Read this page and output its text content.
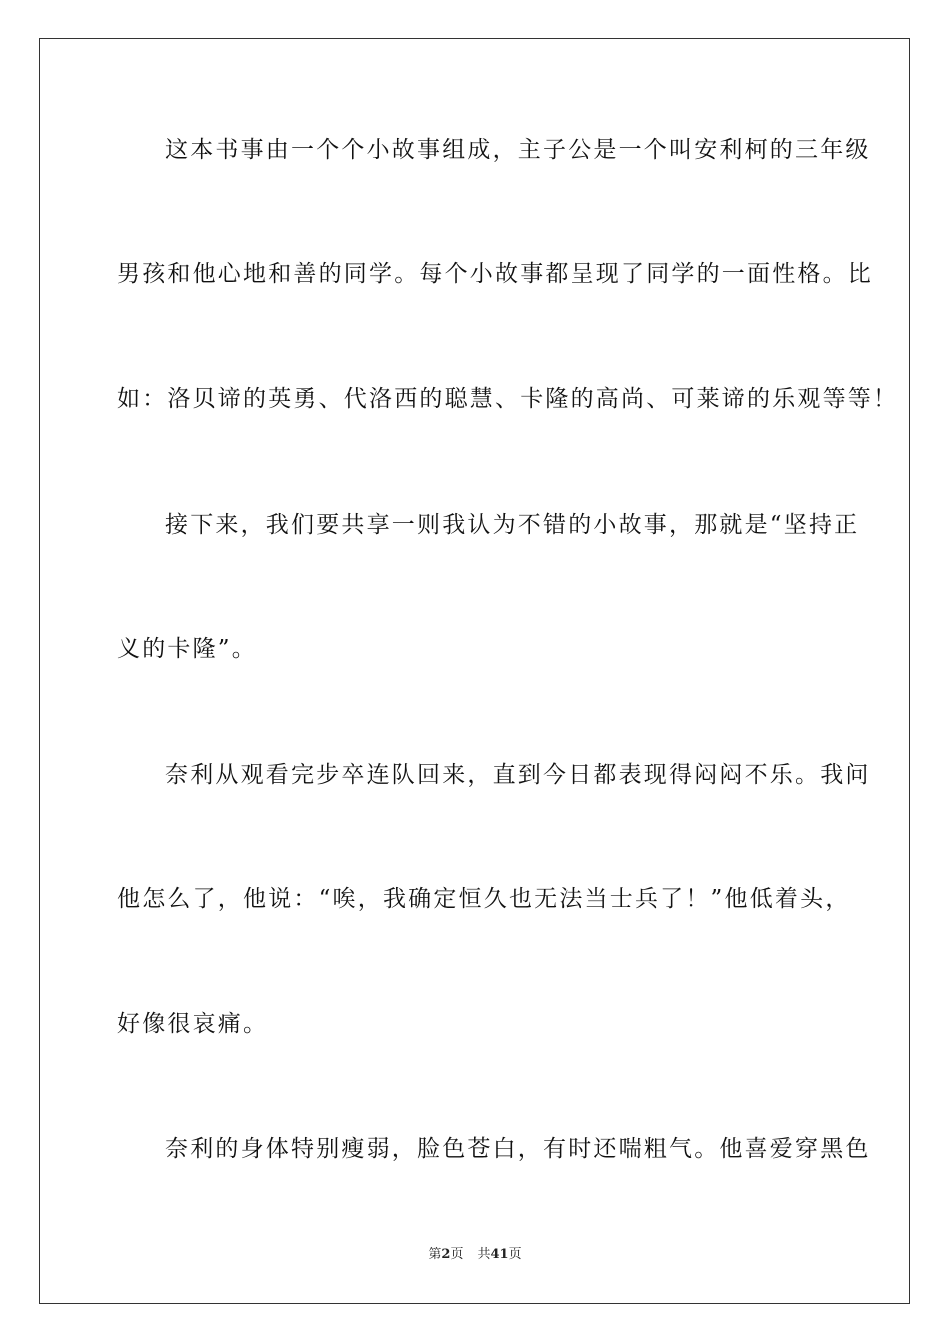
这本书事由一个个小故事组成，主子公是一个叫安利柯的三年级
男孩和他心地和善的同学。每个小故事都呈现了同学的一面性格。比
如：洛贝谛的英勇、代洛西的聪慧、卡隆的高尚、可莱谛的乐观等等！
接下来，我们要共享一则我认为不错的小故事，那就是“坚持正
义的卡隆”。
奈利从观看完步卒连队回来，直到今日都表现得闷闷不乐。我问
他怎么了，他说：“唉，我确定恒久也无法当士兵了！”他低着头，
好像很哀痛。
奈利的身体特别瘦弱，脸色苍白，有时还喘粗气。他喜爱穿黑色
第2页 共41页
